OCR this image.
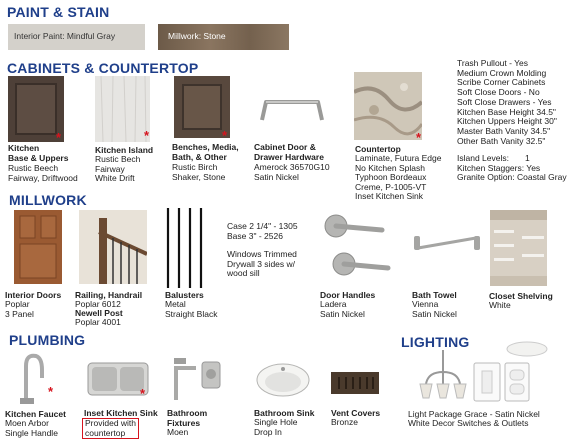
PAINT & STAIN
Interior Paint: Mindful Gray	Millwork: Stone
CABINETS & COUNTERTOP
*
Kitchen
Base & Uppers
Rustic Beech
Fairway, Driftwood
*
Kitchen Island
Rustic Bech
Fairway
White Drift
*
Benches, Media,
Bath, & Other
Rustic Birch
Shaker, Stone
Cabinet Door &
Drawer Hardware
Amerock 36570G10
Satin Nickel
*
Countertop
Laminate, Futura Edge
No Kitchen Splash
Typhoon Bordeaux
Creme, P-1005-VT
Inset Kitchen Sink
Trash Pullout - Yes
Medium Crown Molding
Scribe Corner Cabinets
Soft Close Doors - No
Soft Close Drawers - Yes
Kitchen Base Height 34.5"
Kitchen Uppers Height 30"
Master Bath Vanity 34.5"
Other Bath Vanity 32.5"
Island Levels: 1
Kitchen Staggers: Yes
Granite Option: Coastal Gray
MILLWORK
Interior Doors
Poplar
3 Panel
Railing, Handrail
Poplar 6012
Newell Post
Poplar 4001
Balusters
Metal
Straight Black
Case 2 1/4" - 1305
Base 3" - 2526
Windows Trimmed
Drywall 3 sides w/
wood sill
Door Handles
Ladera
Satin Nickel
Bath Towel
Vienna
Satin Nickel
Closet Shelving
White
PLUMBING
*
Kitchen Faucet
Moen Arbor
Single Handle
*
Inset Kitchen Sink
Provided with
countertop
Bathroom
Fixtures
Moen
Bathroom Sink
Single Hole
Drop In
Vent Covers
Bronze
LIGHTING
Light Package Grace - Satin Nickel
White Decor Switches & Outlets
